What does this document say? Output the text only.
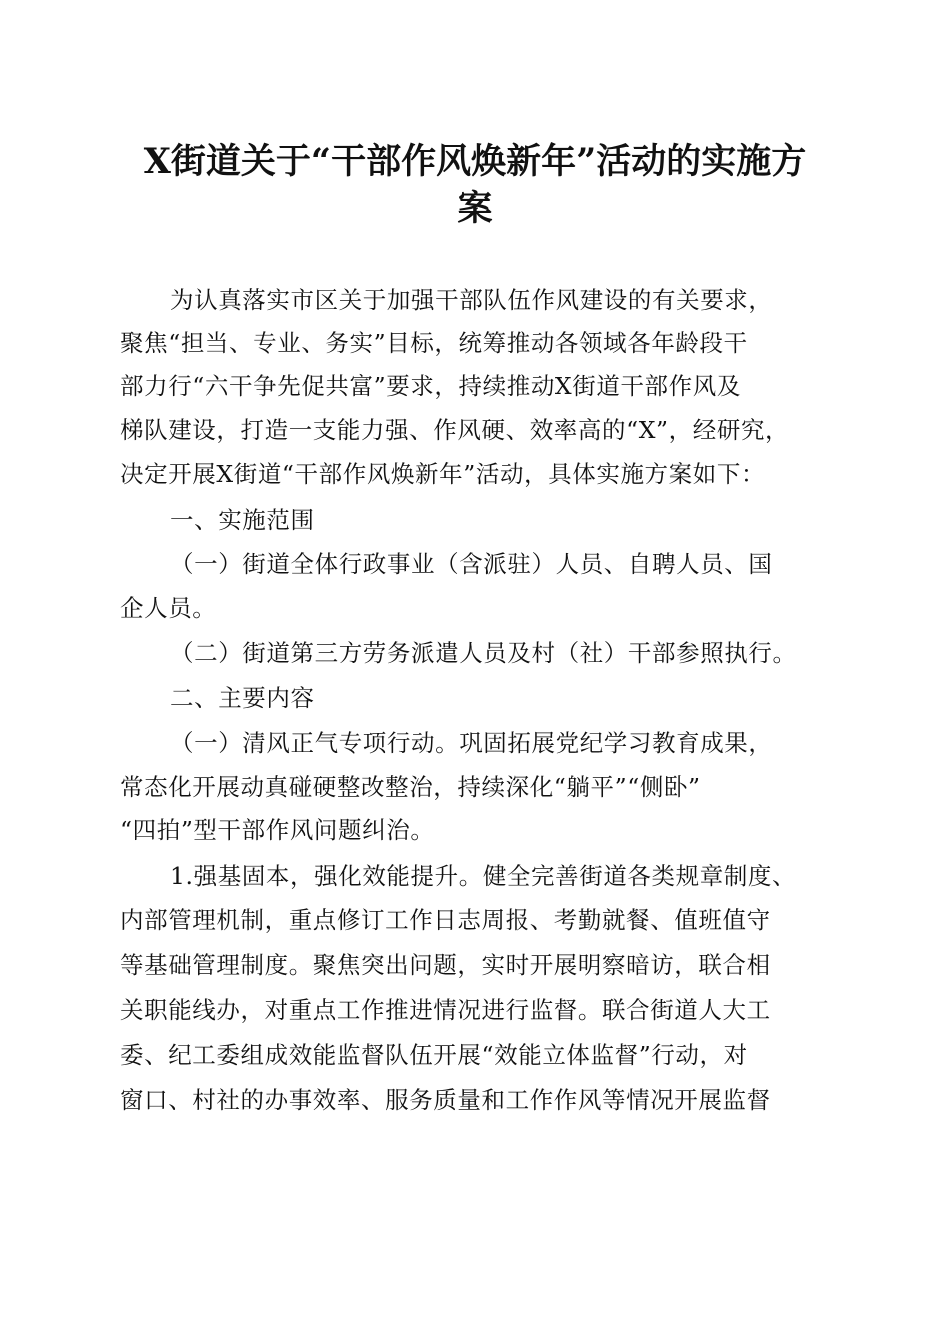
X街道关于“干部作风焕新年”活动的实施方
案
为认真落实市区关于加强干部队伍作风建设的有关要求，
聚焦“担当、专业、务实”目标，统筹推动各领域各年龄段干
部力行“六干争先促共富”要求，持续推动X街道干部作风及
梯队建设，打造一支能力强、作风硬、效率高的“X”，经研究，
决定开展X街道“干部作风焕新年”活动，具体实施方案如下：
一、实施范围
（一）街道全体行政事业（含派驻）人员、自聘人员、国
企人员。
（二）街道第三方劳务派遣人员及村（社）干部参照执行。
二、主要内容
（一）清风正气专项行动。巩固拓展党纪学习教育成果，
常态化开展动真碰硬整改整治，持续深化“躺平”“侧卧”
“四拍”型干部作风问题纠治。
1.强基固本，强化效能提升。健全完善街道各类规章制度、
内部管理机制，重点修订工作日志周报、考勤就餐、值班值守
等基础管理制度。聚焦突出问题，实时开展明察暗访，联合相
关职能线办，对重点工作推进情况进行监督。联合街道人大工
委、纪工委组成效能监督队伍开展“效能立体监督”行动，对
窗口、村社的办事效率、服务质量和工作作风等情况开展监督
